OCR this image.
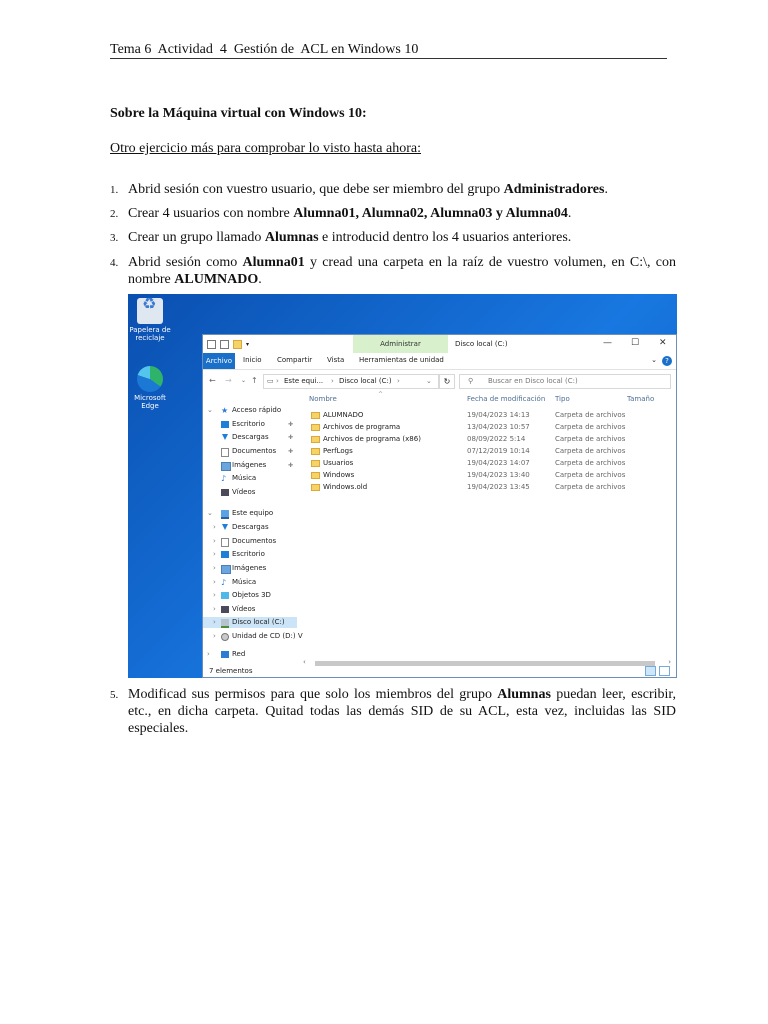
Tema 6  Actividad  4  Gestión de  ACL en Windows 10
Sobre la Máquina virtual con Windows 10:
Otro ejercicio más para comprobar lo visto hasta ahora:
1. Abrid sesión con vuestro usuario, que debe ser miembro del grupo Administradores.
2. Crear 4 usuarios con nombre Alumna01, Alumna02, Alumna03 y Alumna04.
3. Crear un grupo llamado Alumnas e introducid dentro los 4 usuarios anteriores.
4. Abrid sesión como Alumna01 y cread una carpeta en la raíz de vuestro volumen, en C:\, con nombre ALUMNADO.
♻
Papelera de reciclaje
Microsoft Edge
▾	Administrar	Disco local (C:)	— ☐ ✕
Archivo	Inicio Compartir Vista Herramientas de unidad	⌄	?
← → ⌄ ↑ ▭ › Este equi... › Disco local (C:) ›	⌄	↻	⚲ Buscar en Disco local (C:)
⌄ ★ Acceso rápido
Escritorio	✚
Descargas	✚
Documentos ✚
Imágenes	✚
♪ Música
Vídeos
⌄	Este equipo
› Descargas
› Documentos
› Escritorio
› Imágenes
› ♪ Música
› Objetos 3D
› Vídeos
› Disco local (C:)
› Unidad de CD (D:) V
›	Red
Nombre
^
Fecha de modificación Tipo	Tamaño
ALUMNADO	19/04/2023 14:13	Carpeta de archivos
Archivos de programa	13/04/2023 10:57	Carpeta de archivos
Archivos de programa (x86)	08/09/2022 5:14	Carpeta de archivos
PerfLogs	07/12/2019 10:14	Carpeta de archivos
Usuarios	19/04/2023 14:07	Carpeta de archivos
Windows	19/04/2023 13:40	Carpeta de archivos
Windows.old	19/04/2023 13:45	Carpeta de archivos
‹	›
7 elementos
5. Modificad sus permisos para que solo los miembros del grupo Alumnas puedan leer, escribir, etc., en dicha carpeta. Quitad todas las demás SID de su ACL, esta vez, incluidas las SID especiales.
